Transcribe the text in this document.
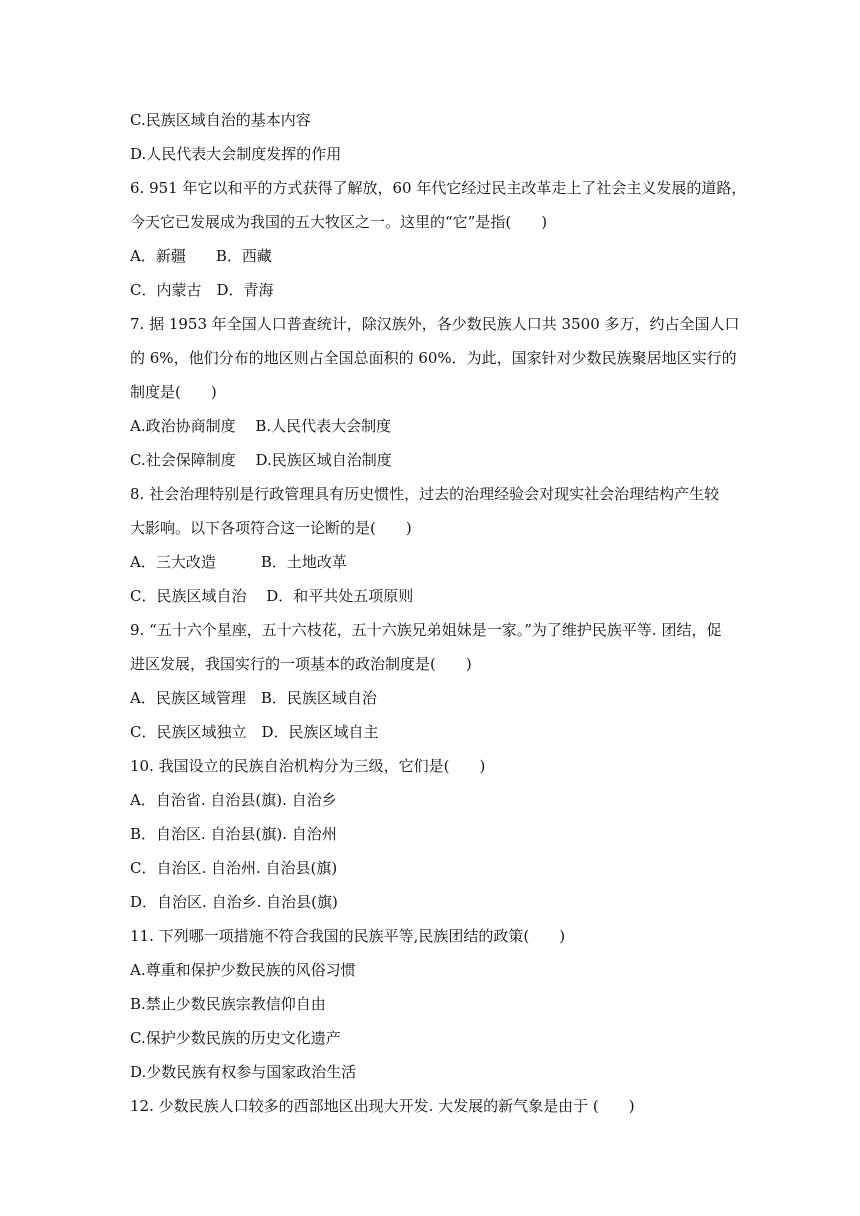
C.民族区域自治的基本内容
D.人民代表大会制度发挥的作用
6. 951 年它以和平的方式获得了解放，60 年代它经过民主改革走上了社会主义发展的道路，
今天它已发展成为我国的五大牧区之一。这里的“它”是指(　　)
A．新疆　　B．西藏
C．内蒙古　D．青海
7. 据 1953 年全国人口普查统计，除汉族外，各少数民族人口共 3500 多万，约占全国人口
的 6%，他们分布的地区则占全国总面积的 60%．为此，国家针对少数民族聚居地区实行的
制度是(　　)
A.政治协商制度　 B.人民代表大会制度
C.社会保障制度　 D.民族区域自治制度
8. 社会治理特别是行政管理具有历史惯性，过去的治理经验会对现实社会治理结构产生较
大影响。以下各项符合这一论断的是(　　)
A．三大改造　　　B．土地改革
C．民族区域自治　 D．和平共处五项原则
9. “五十六个星座，五十六枝花，五十六族兄弟姐妹是一家。”为了维护民族平等. 团结，促
进区发展，我国实行的一项基本的政治制度是(　　)
A．民族区域管理　B．民族区域自治
C．民族区域独立　D．民族区域自主
10. 我国设立的民族自治机构分为三级，它们是(　　)
A．自治省. 自治县(旗). 自治乡
B．自治区. 自治县(旗). 自治州
C．自治区. 自治州. 自治县(旗)
D．自治区. 自治乡. 自治县(旗)
11. 下列哪一项措施不符合我国的民族平等,民族团结的政策(　　)
A.尊重和保护少数民族的风俗习惯
B.禁止少数民族宗教信仰自由
C.保护少数民族的历史文化遗产
D.少数民族有权参与国家政治生活
12. 少数民族人口较多的西部地区出现大开发. 大发展的新气象是由于 (　　)
